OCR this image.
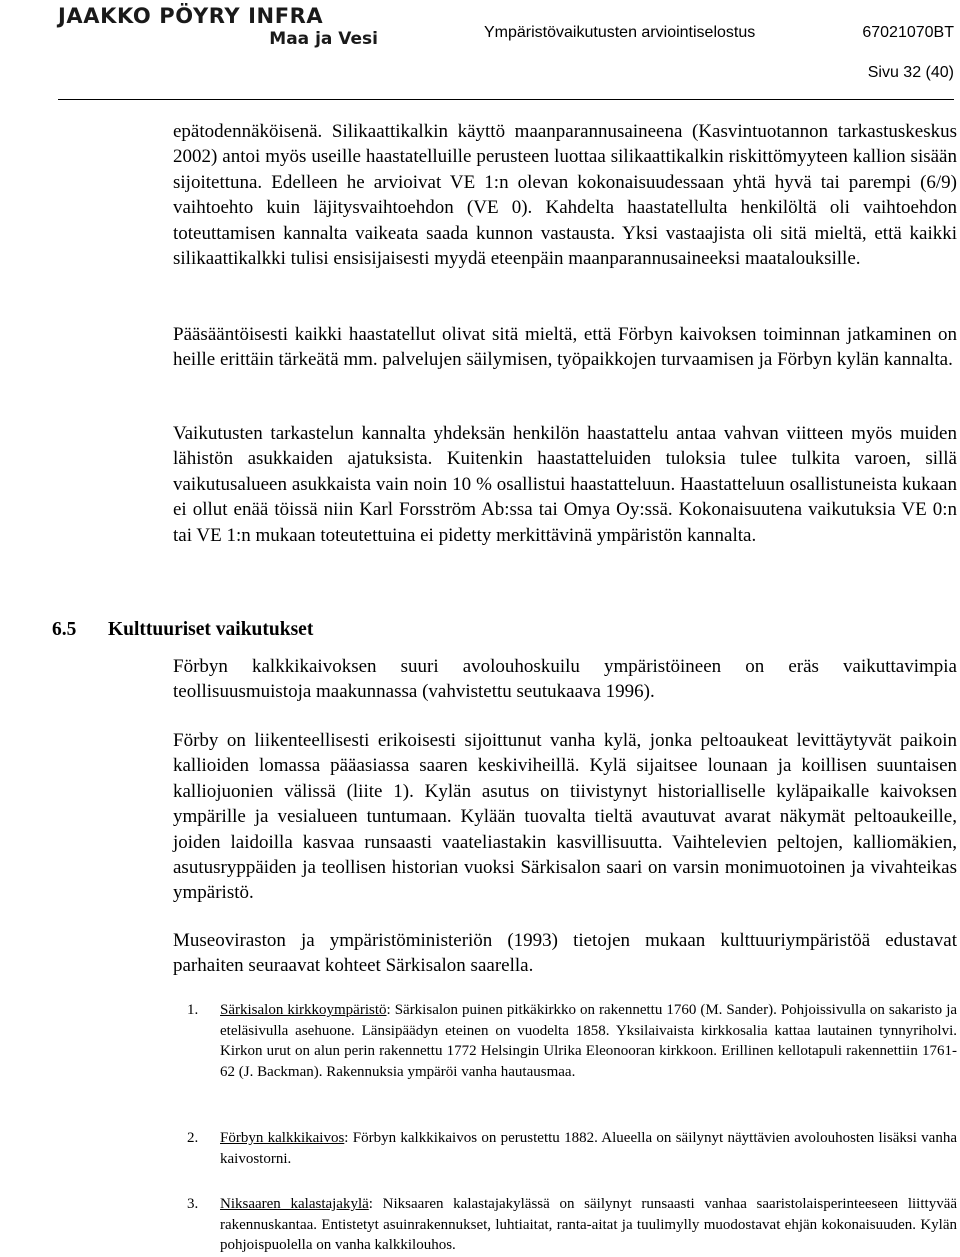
JAAKKO PÖYRY INFRA
Maa ja Vesi	Ympäristövaikutusten arviointiselostus	67021070BT
Sivu 32 (40)

epätodennäköisenä. Silikaattikalkin käyttö maanparannusaineena (Kasvintuotannon tarkastuskeskus 2002) antoi myös useille haastatelluille perusteen luottaa silikaattikalkin riskittömyyteen kallion sisään sijoitettuna. Edelleen he arvioivat VE 1:n olevan kokonaisuudessaan yhtä hyvä tai parempi (6/9) vaihtoehto kuin läjitysvaihtoehdon (VE 0). Kahdelta haastatellulta henkilöltä oli vaihtoehdon toteuttamisen kannalta vaikeata saada kunnon vastausta. Yksi vastaajista oli sitä mieltä, että kaikki silikaattikalkki tulisi ensisijaisesti myydä eteenpäin maanparannusaineeksi maatalouksille.

Pääsääntöisesti kaikki haastatellut olivat sitä mieltä, että Förbyn kaivoksen toiminnan jatkaminen on heille erittäin tärkeätä mm. palvelujen säilymisen, työpaikkojen turvaamisen ja Förbyn kylän kannalta.

Vaikutusten tarkastelun kannalta yhdeksän henkilön haastattelu antaa vahvan viitteen myös muiden lähistön asukkaiden ajatuksista. Kuitenkin haastatteluiden tuloksia tulee tulkita varoen, sillä vaikutusalueen asukkaista vain noin 10 % osallistui haastatteluun. Haastatteluun osallistuneista kukaan ei ollut enää töissä niin Karl Forsström Ab:ssa tai Omya Oy:ssä. Kokonaisuutena vaikutuksia VE 0:n tai VE 1:n mukaan toteutettuina ei pidetty merkittävinä ympäristön kannalta.

6.5 Kulttuuriset vaikutukset

Förbyn kalkkikaivoksen suuri avolouhoskuilu ympäristöineen on eräs vaikuttavimpia teollisuusmuistoja maakunnassa (vahvistettu seutukaava 1996).

Förby on liikenteellisesti erikoisesti sijoittunut vanha kylä, jonka peltoaukeat levittäytyvät paikoin kallioiden lomassa pääasiassa saaren keskiviheillä. Kylä sijaitsee lounaan ja koillisen suuntaisen kalliojuonien välissä (liite 1). Kylän asutus on tiivistynyt historialliselle kyläpaikalle kaivoksen ympärille ja vesialueen tuntumaan. Kylään tuovalta tieltä avautuvat avarat näkymät peltoaukeille, joiden laidoilla kasvaa runsaasti vaateliastakin kasvillisuutta. Vaihtelevien peltojen, kalliomäkien, asutusryppäiden ja teollisen historian vuoksi Särkisalon saari on varsin monimuotoinen ja vivahteikas ympäristö.

Museoviraston ja ympäristöministeriön (1993) tietojen mukaan kulttuuriympäristöä edustavat parhaiten seuraavat kohteet Särkisalon saarella.

1. Särkisalon kirkkoympäristö: Särkisalon puinen pitkäkirkko on rakennettu 1760 (M. Sander). Pohjoissivulla on sakaristo ja eteläsivulla asehuone. Länsipäädyn eteinen on vuodelta 1858. Yksilaivaista kirkkosalia kattaa lautainen tynnyriholvi. Kirkon urut on alun perin rakennettu 1772 Helsingin Ulrika Eleonooran kirkkoon. Erillinen kellotapuli rakennettiin 1761-62 (J. Backman). Rakennuksia ympäröi vanha hautausmaa.
2. Förbyn kalkkikaivos: Förbyn kalkkikaivos on perustettu 1882. Alueella on säilynyt näyttävien avolouhosten lisäksi vanha kaivostorni.
3. Niksaaren kalastajakylä: Niksaaren kalastajakylässä on säilynyt runsaasti vanhaa saaristolaisperinteeseen liittyvää rakennuskantaa. Entistetyt asuinrakennukset, luhtiaitat, ranta-aitat ja tuulimylly muodostavat ehjän kokonaisuuden. Kylän pohjoispuolella on vanha kalkkilouhos.
